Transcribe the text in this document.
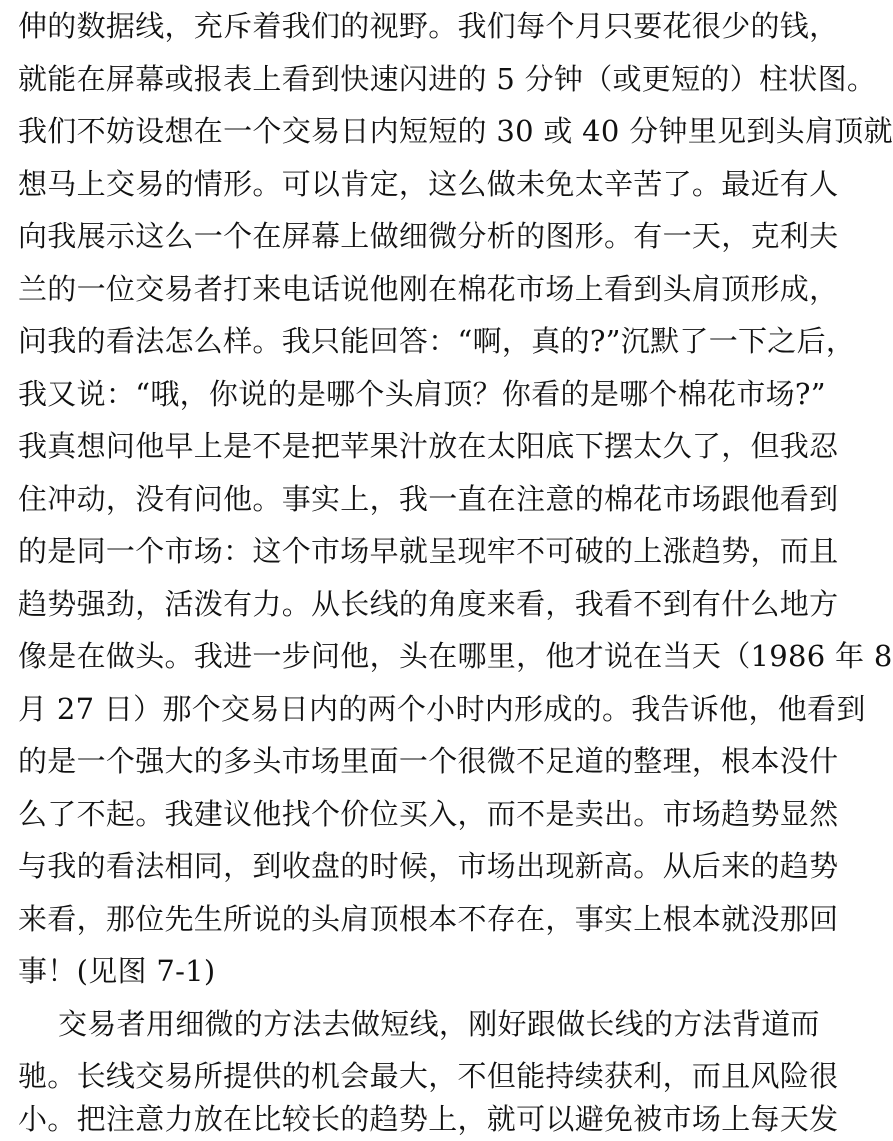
伸的数据线，充斥着我们的视野。我们每个月只要花很少的钱，
就能在屏幕或报表上看到快速闪进的 5 分钟（或更短的）柱状图。
我们不妨设想在一个交易日内短短的 30 或 40 分钟里见到头肩顶就
想马上交易的情形。可以肯定，这么做未免太辛苦了。最近有人
向我展示这么一个在屏幕上做细微分析的图形。有一天，克利夫
兰的一位交易者打来电话说他刚在棉花市场上看到头肩顶形成，
问我的看法怎么样。我只能回答：“啊，真的?”沉默了一下之后，
我又说：“哦，你说的是哪个头肩顶？你看的是哪个棉花市场?”
我真想问他早上是不是把苹果汁放在太阳底下摆太久了，但我忍
住冲动，没有问他。事实上，我一直在注意的棉花市场跟他看到
的是同一个市场：这个市场早就呈现牢不可破的上涨趋势，而且
趋势强劲，活泼有力。从长线的角度来看，我看不到有什么地方
像是在做头。我进一步问他，头在哪里，他才说在当天（1986 年 8
月 27 日）那个交易日内的两个小时内形成的。我告诉他，他看到
的是一个强大的多头市场里面一个很微不足道的整理，根本没什
么了不起。我建议他找个价位买入，而不是卖出。市场趋势显然
与我的看法相同，到收盘的时候，市场出现新高。从后来的趋势
来看，那位先生所说的头肩顶根本不存在，事实上根本就没那回
事！(见图 7-1)
交易者用细微的方法去做短线，刚好跟做长线的方法背道而
驰。长线交易所提供的机会最大，不但能持续获利，而且风险很
小。把注意力放在比较长的趋势上，就可以避免被市场上每天发
